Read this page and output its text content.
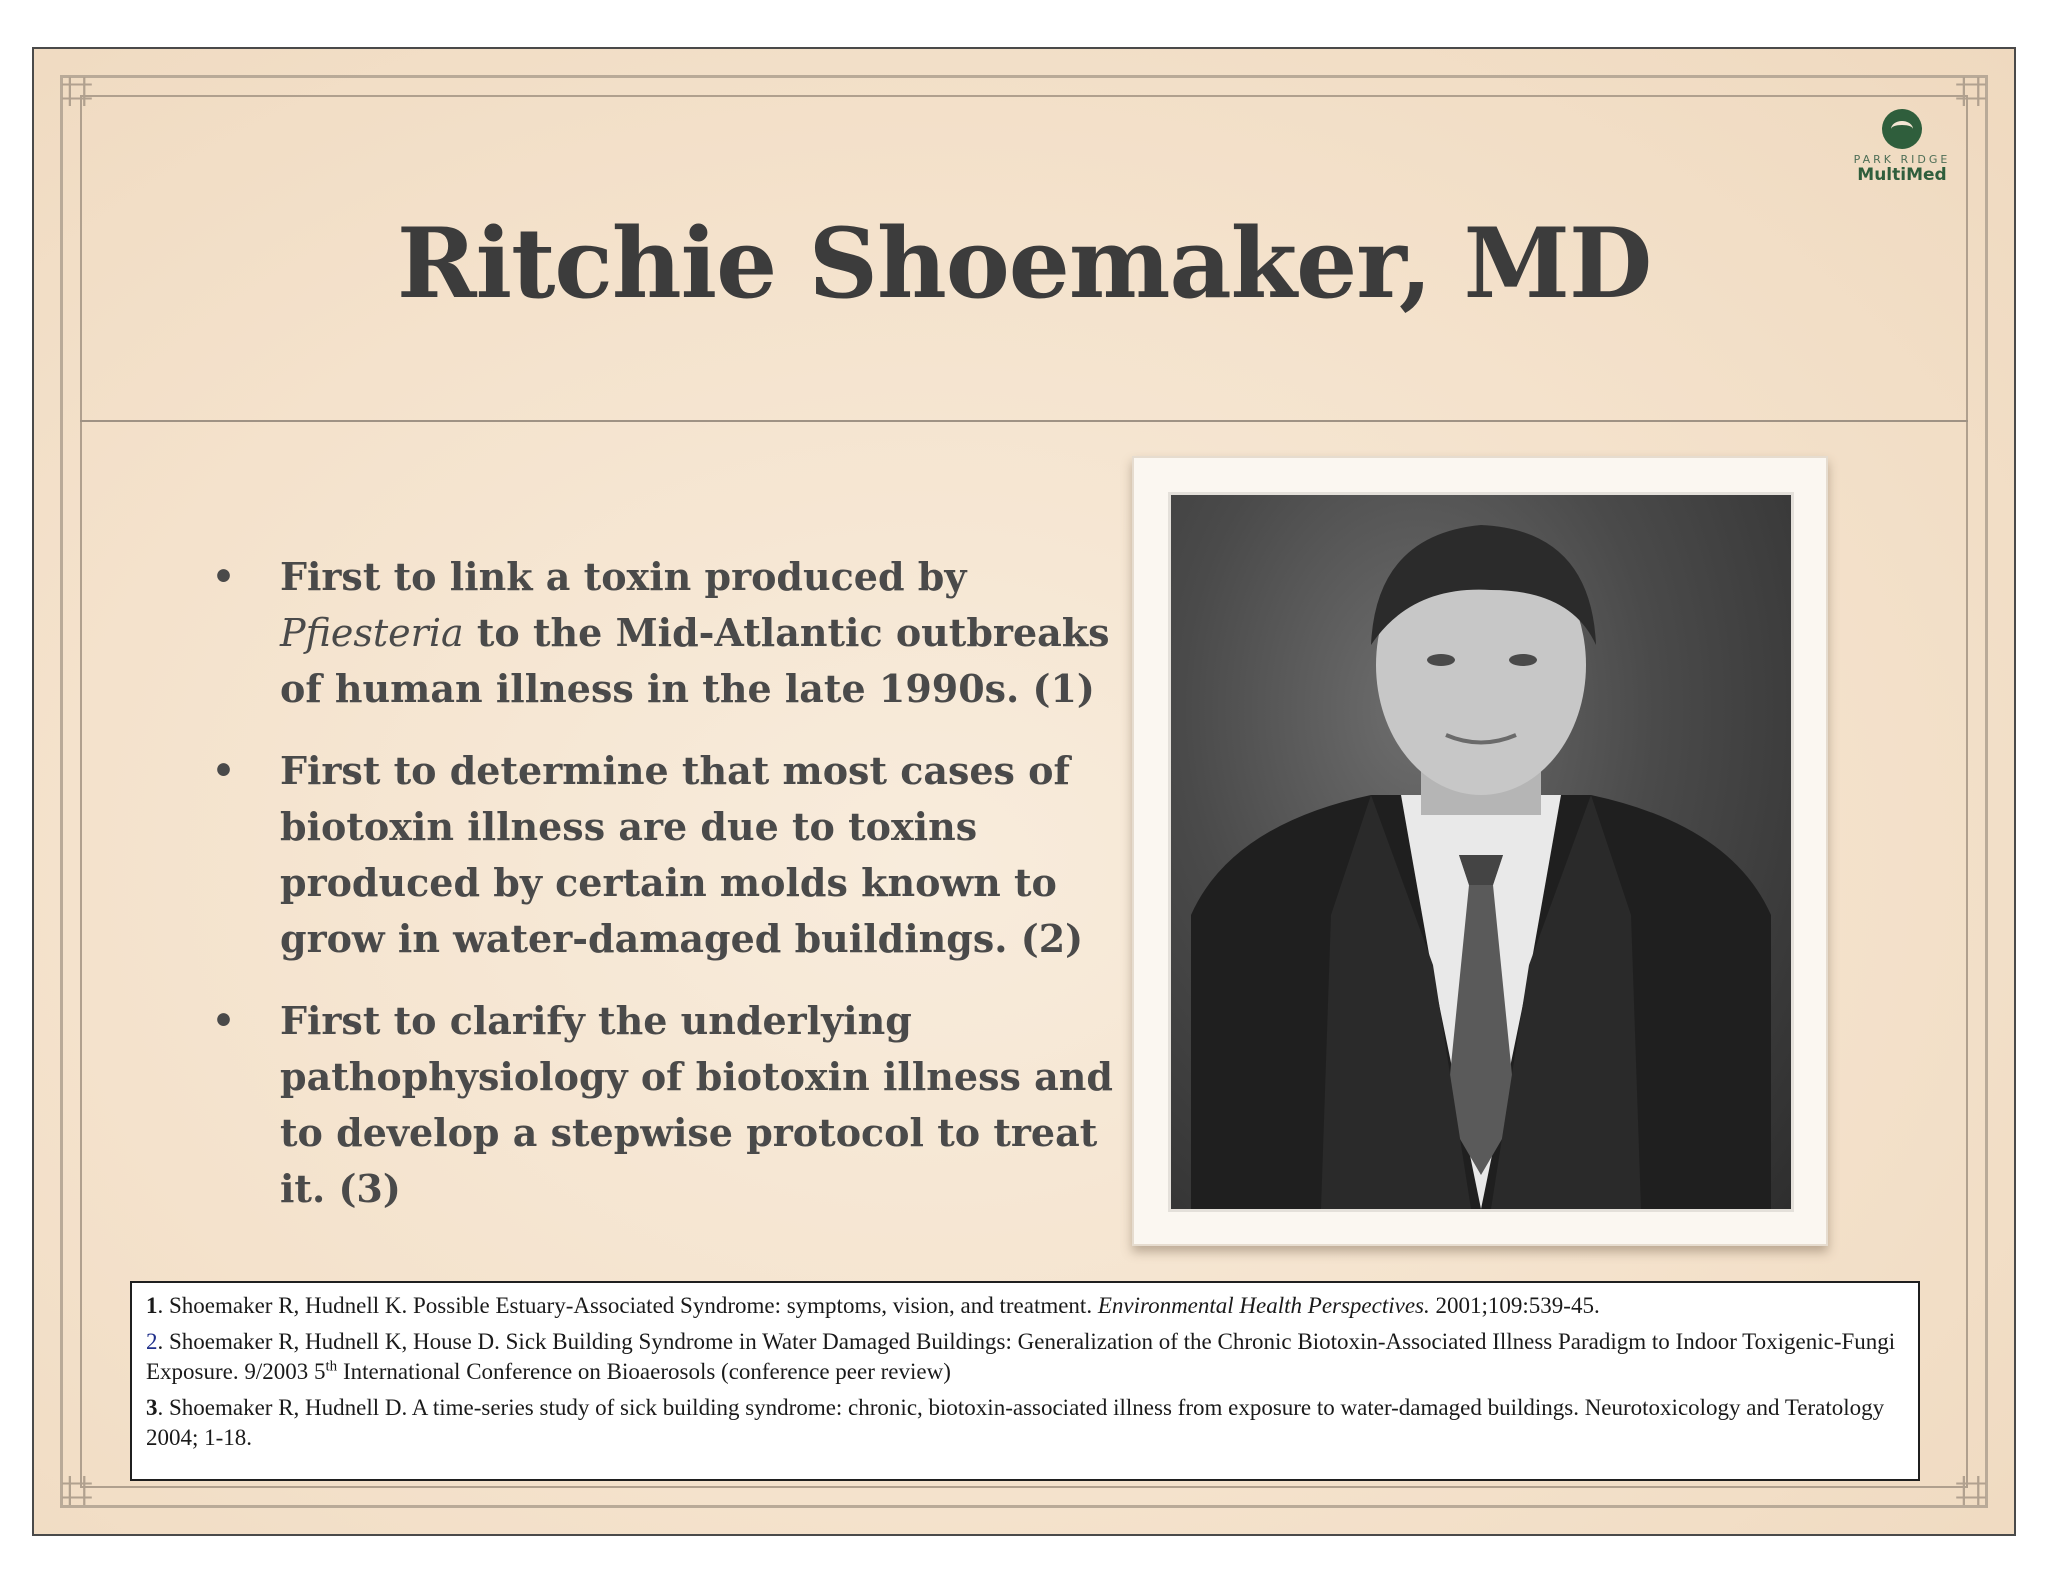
⌗	⌗
⌗	⌗
PARK RIDGE
MultiMed
Ritchie Shoemaker, MD
• First to link a toxin produced by Pfiesteria to the Mid-Atlantic outbreaks of human illness in the late 1990s. (1)
• First to determine that most cases of biotoxin illness are due to toxins produced by certain molds known to grow in water-damaged buildings. (2)
• First to clarify the underlying pathophysiology of biotoxin illness and to develop a stepwise protocol to treat it. (3)

1. Shoemaker R, Hudnell K. Possible Estuary-Associated Syndrome: symptoms, vision, and treatment. Environmental Health Perspectives. 2001;109:539-45.

2. Shoemaker R, Hudnell K, House D. Sick Building Syndrome in Water Damaged Buildings: Generalization of the Chronic Biotoxin-Associated Illness Paradigm to Indoor Toxigenic-Fungi Exposure. 9/2003 5th International Conference on Bioaerosols (conference peer review)

3. Shoemaker R, Hudnell D. A time-series study of sick building syndrome: chronic, biotoxin-associated illness from exposure to water-damaged buildings. Neurotoxicology and Teratology 2004; 1-18.
